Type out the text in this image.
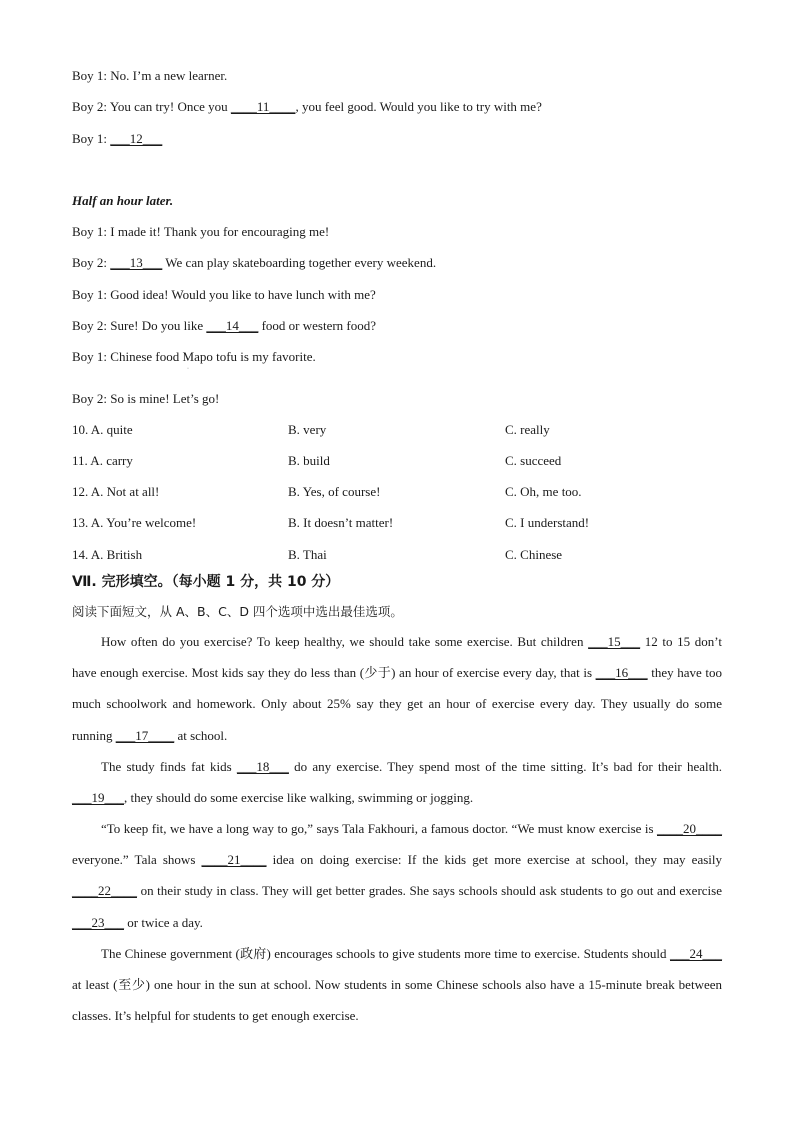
Boy 1: No. I’m a new learner.
Boy 2: You can try! Once you ____11____, you feel good. Would you like to try with me?
Boy 1: ___12___
Half an hour later.
Boy 1: I made it! Thank you for encouraging me!
Boy 2: ___13___ We can play skateboarding together every weekend.
Boy 1: Good idea! Would you like to have lunch with me?
Boy 2: Sure! Do you like ___14___ food or western food?
Boy 1: Chinese food Mapo tofu is my favorite.
·
Boy 2: So is mine! Let’s go!
10. A. quite	B. very	C. really
11. A. carry	B. build	C. succeed
12. A. Not at all!	B. Yes, of course!	C. Oh, me too.
13. A. You’re welcome!	B. It doesn’t matter!	C. I understand!
14. A. British	B. Thai	C. Chinese
Ⅶ. 完形填空。（每小题 1 分，共 10 分）
阅读下面短文，从 A、B、C、D 四个选项中选出最佳选项。
How often do you exercise? To keep healthy, we should take some exercise. But children ___15___ 12 to 15 don’t have enough exercise. Most kids say they do less than (少于) an hour of exercise every day, that is ___16___ they have too much schoolwork and homework. Only about 25% say they get an hour of exercise every day. They usually do some running ___17____ at school.
The study finds fat kids ___18___ do any exercise. They spend most of the time sitting. It’s bad for their health. ___19___, they should do some exercise like walking, swimming or jogging.
“To keep fit, we have a long way to go,” says Tala Fakhouri, a famous doctor. “We must know exercise is ____20____ everyone.” Tala shows ____21____ idea on doing exercise: If the kids get more exercise at school, they may easily ____22____ on their study in class. They will get better grades. She says schools should ask students to go out and exercise ___23___ or twice a day.
The Chinese government (政府) encourages schools to give students more time to exercise. Students should ___24___ at least (至少) one hour in the sun at school. Now students in some Chinese schools also have a 15-minute break between classes. It’s helpful for students to get enough exercise.
